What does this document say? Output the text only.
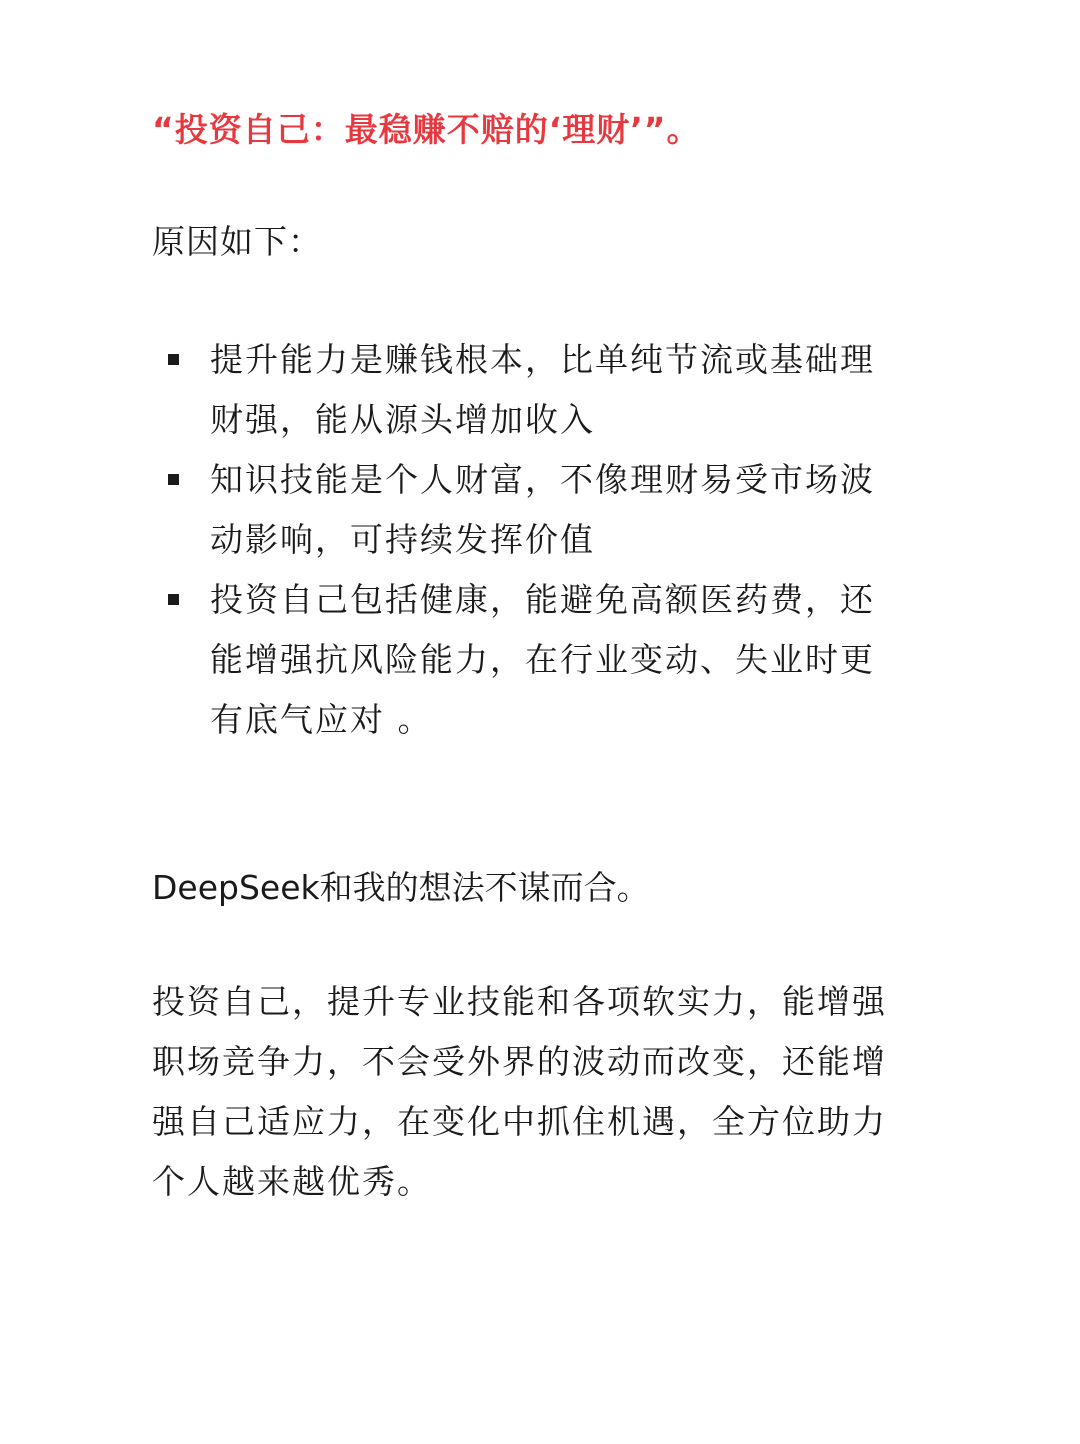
“投资自己：最稳赚不赔的‘理财’”。
原因如下：
提升能力是赚钱根本，比单纯节流或基础理
财强，能从源头增加收入
知识技能是个人财富，不像理财易受市场波
动影响，可持续发挥价值
投资自己包括健康，能避免高额医药费，还
能增强抗风险能力，在行业变动、失业时更
有底气应对 。
DeepSeek和我的想法不谋而合。
投资自己，提升专业技能和各项软实力，能增强
职场竞争力，不会受外界的波动而改变，还能增
强自己适应力，在变化中抓住机遇，全方位助力
个人越来越优秀。
